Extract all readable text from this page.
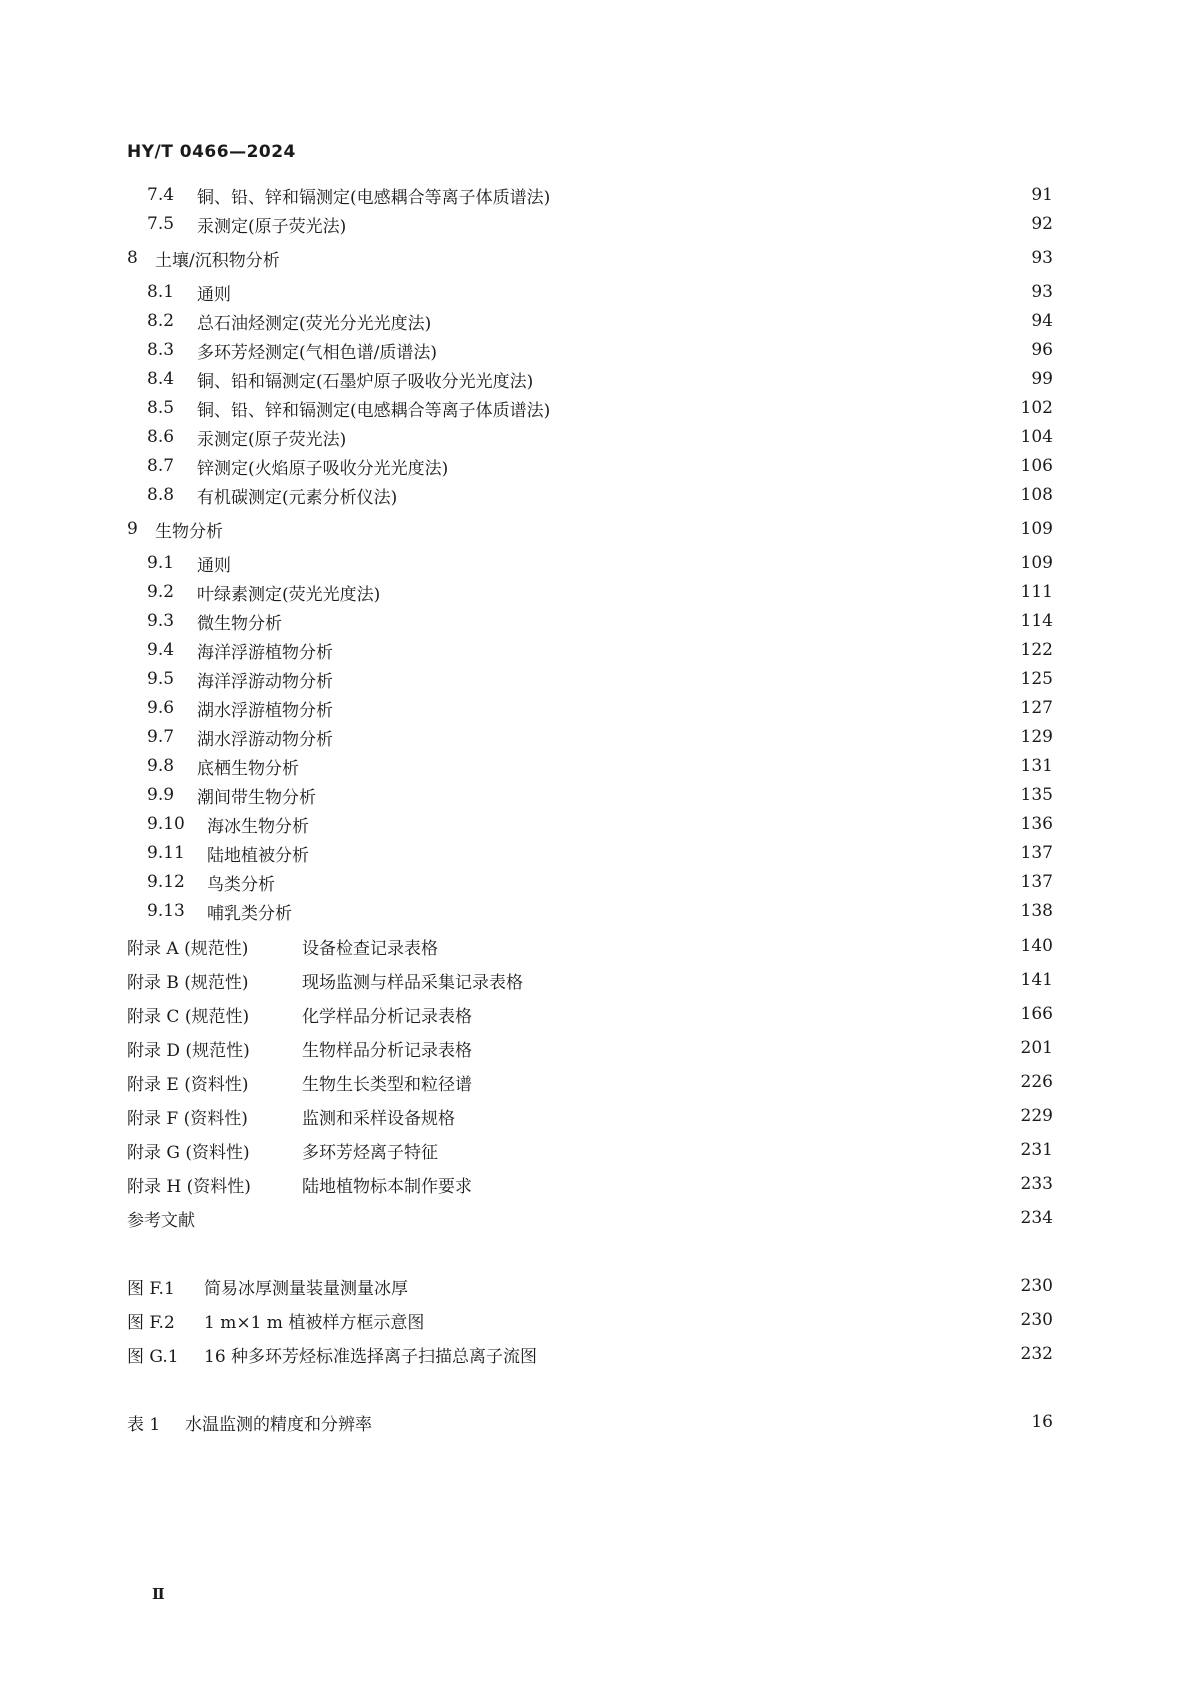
HY/T 0466—2024
7.4	铜、铅、锌和镉测定(电感耦合等离子体质谱法)	91
7.5	汞测定(原子荧光法)	92
8	土壤/沉积物分析	93
8.1	通则	93
8.2	总石油烃测定(荧光分光光度法)	94
8.3	多环芳烃测定(气相色谱/质谱法)	96
8.4	铜、铅和镉测定(石墨炉原子吸收分光光度法)	99
8.5	铜、铅、锌和镉测定(电感耦合等离子体质谱法)	102
8.6	汞测定(原子荧光法)	104
8.7	锌测定(火焰原子吸收分光光度法)	106
8.8	有机碳测定(元素分析仪法)	108
9	生物分析	109
9.1	通则	109
9.2	叶绿素测定(荧光光度法)	111
9.3	微生物分析	114
9.4	海洋浮游植物分析	122
9.5	海洋浮游动物分析	125
9.6	湖水浮游植物分析	127
9.7	湖水浮游动物分析	129
9.8	底栖生物分析	131
9.9	潮间带生物分析	135
9.10	海冰生物分析	136
9.11	陆地植被分析	137
9.12	鸟类分析	137
9.13	哺乳类分析	138
附录 A (规范性)	设备检查记录表格	140
附录 B (规范性)	现场监测与样品采集记录表格	141
附录 C (规范性)	化学样品分析记录表格	166
附录 D (规范性)	生物样品分析记录表格	201
附录 E (资料性)	生物生长类型和粒径谱	226
附录 F (资料性)	监测和采样设备规格	229
附录 G (资料性)	多环芳烃离子特征	231
附录 H (资料性)	陆地植物标本制作要求	233
参考文献	234
图 F.1	简易冰厚测量装量测量冰厚	230
图 F.2	1 m×1 m 植被样方框示意图	230
图 G.1	16 种多环芳烃标准选择离子扫描总离子流图	232
表 1	水温监测的精度和分辨率	16
Ⅱ
